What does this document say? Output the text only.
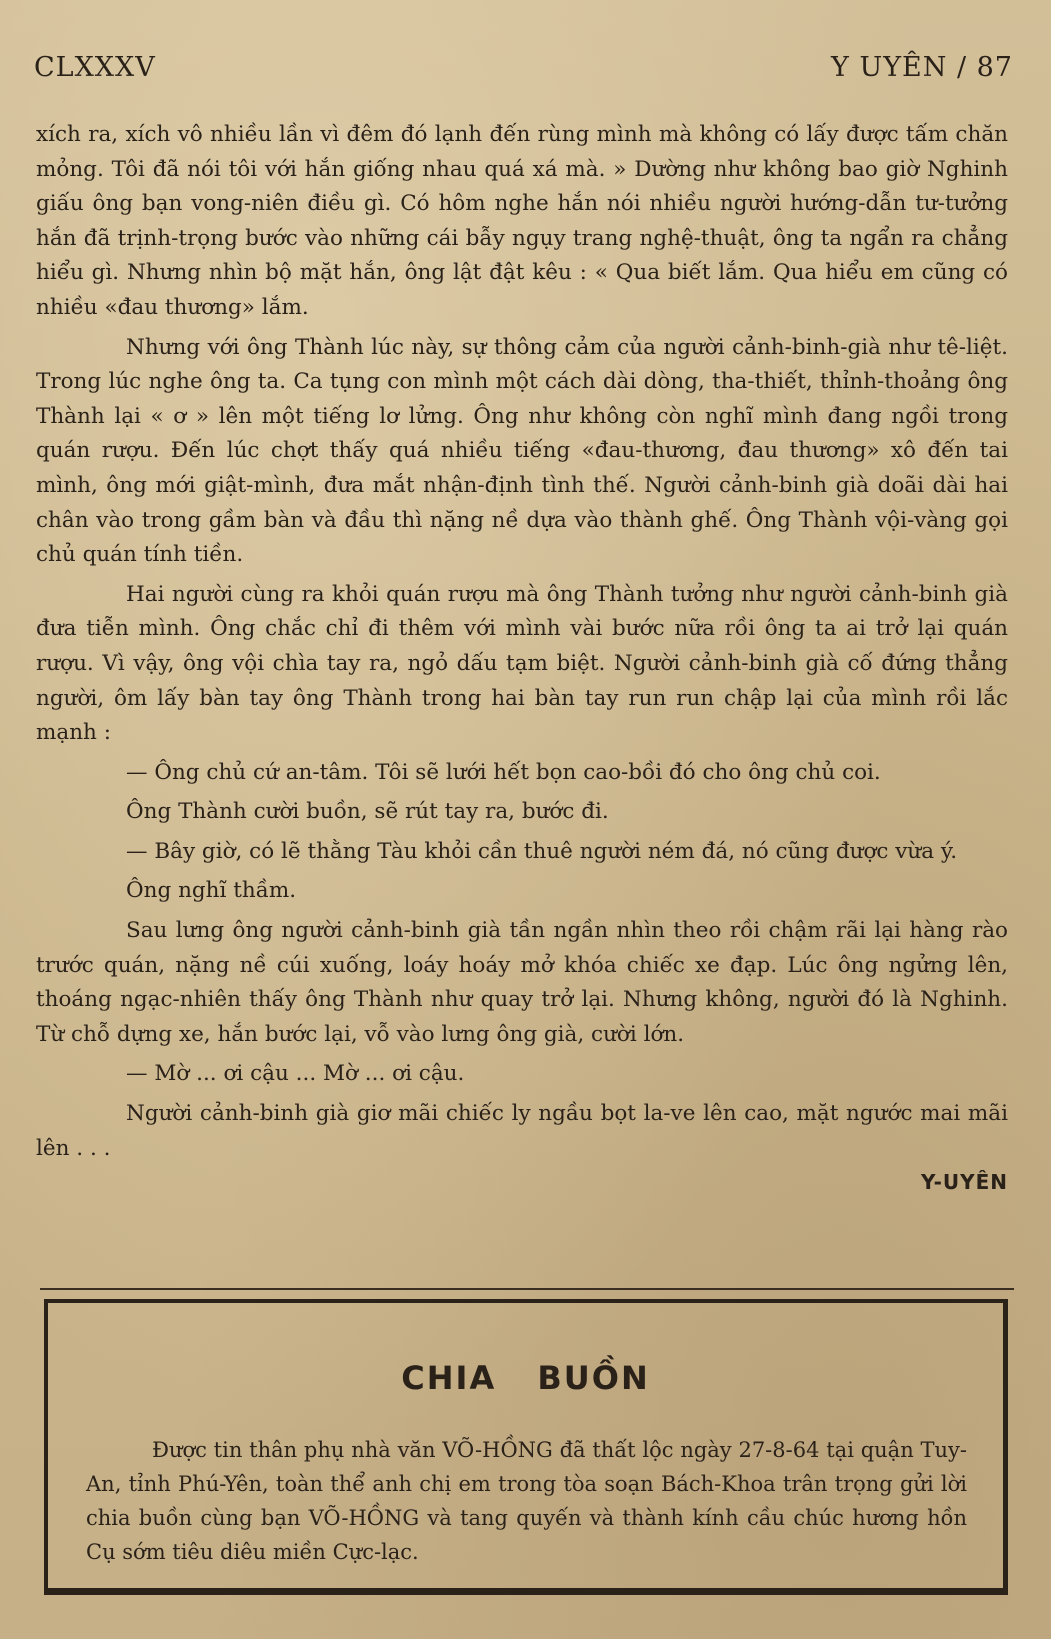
CLXXXV	Y UYÊN / 87

xích ra, xích vô nhiều lần vì đêm đó lạnh đến rùng mình mà không có lấy được tấm chăn mỏng. Tôi đã nói tôi với hắn giống nhau quá xá mà. » Dường như không bao giờ Nghinh giấu ông bạn vong-niên điều gì. Có hôm nghe hắn nói nhiều người hướng-dẫn tư-tưởng hắn đã trịnh-trọng bước vào những cái bẫy ngụy trang nghệ-thuật, ông ta ngẩn ra chẳng hiểu gì. Nhưng nhìn bộ mặt hắn, ông lật đật kêu : « Qua biết lắm. Qua hiểu em cũng có nhiều «đau thương» lắm.

Nhưng với ông Thành lúc này, sự thông cảm của người cảnh-binh-già như tê-liệt. Trong lúc nghe ông ta. Ca tụng con mình một cách dài dòng, tha-thiết, thỉnh-thoảng ông Thành lại « ơ » lên một tiếng lơ lửng. Ông như không còn nghĩ mình đang ngồi trong quán rượu. Đến lúc chợt thấy quá nhiều tiếng «đau-thương, đau thương» xô đến tai mình, ông mới giật-mình, đưa mắt nhận-định tình thế. Người cảnh-binh già doãi dài hai chân vào trong gầm bàn và đầu thì nặng nề dựa vào thành ghế. Ông Thành vội-vàng gọi chủ quán tính tiền.

Hai người cùng ra khỏi quán rượu mà ông Thành tưởng như người cảnh-binh già đưa tiễn mình. Ông chắc chỉ đi thêm với mình vài bước nữa rồi ông ta ai trở lại quán rượu. Vì vậy, ông vội chìa tay ra, ngỏ dấu tạm biệt. Người cảnh-binh già cố đứng thẳng người, ôm lấy bàn tay ông Thành trong hai bàn tay run run chập lại của mình rồi lắc mạnh :

— Ông chủ cứ an-tâm. Tôi sẽ lưới hết bọn cao-bồi đó cho ông chủ coi.

Ông Thành cười buồn, sẽ rút tay ra, bước đi.

— Bây giờ, có lẽ thằng Tàu khỏi cần thuê người ném đá, nó cũng được vừa ý.

Ông nghĩ thầm.

Sau lưng ông người cảnh-binh già tần ngần nhìn theo rồi chậm rãi lại hàng rào trước quán, nặng nề cúi xuống, loáy hoáy mở khóa chiếc xe đạp. Lúc ông ngửng lên, thoáng ngạc-nhiên thấy ông Thành như quay trở lại. Nhưng không, người đó là Nghinh. Từ chỗ dựng xe, hắn bước lại, vỗ vào lưng ông già, cười lớn.

— Mờ ... ơi cậu ... Mờ ... ơi cậu.

Người cảnh-binh già giơ mãi chiếc ly ngầu bọt la-ve lên cao, mặt ngước mai mãi lên . . .

Y-UYÊN
CHIA BUỒN
Được tin thân phụ nhà văn VÕ-HỒNG đã thất lộc ngày 27-8-64 tại quận Tuy-An, tỉnh Phú-Yên, toàn thể anh chị em trong tòa soạn Bách-Khoa trân trọng gửi lời chia buồn cùng bạn VÕ-HỒNG và tang quyến và thành kính cầu chúc hương hồn Cụ sớm tiêu diêu miền Cực-lạc.
